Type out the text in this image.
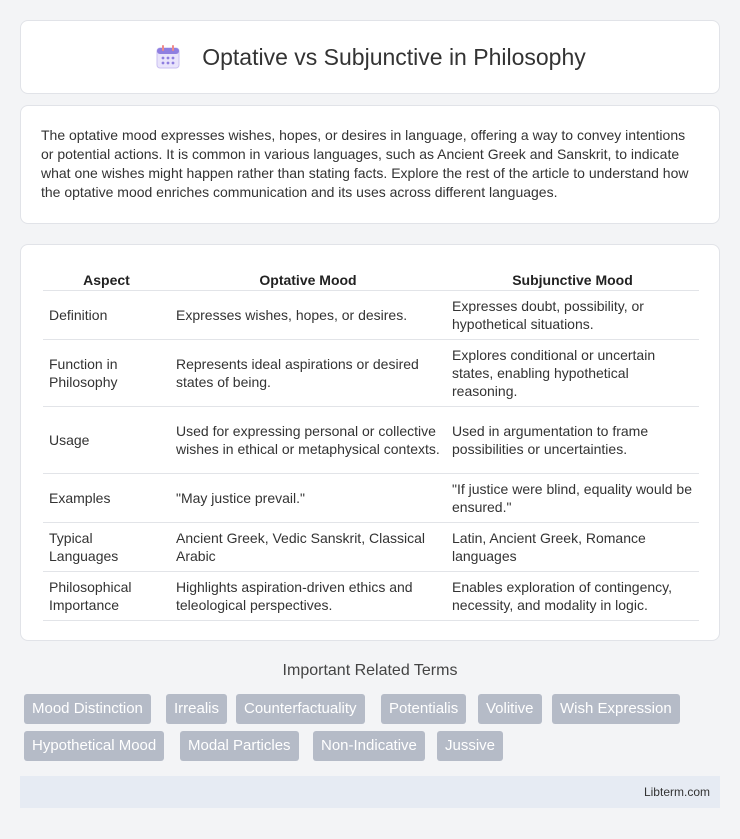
Optative vs Subjunctive in Philosophy

The optative mood expresses wishes, hopes, or desires in language, offering a way to convey intentions or potential actions. It is common in various languages, such as Ancient Greek and Sanskrit, to indicate what one wishes might happen rather than stating facts. Explore the rest of the article to understand how the optative mood enriches communication and its uses across different languages.

Aspect	Optative Mood	Subjunctive Mood
Definition	Expresses wishes, hopes, or desires.	Expresses doubt, possibility, or hypothetical situations.
Function in Philosophy	Represents ideal aspirations or desired states of being.	Explores conditional or uncertain states, enabling hypothetical reasoning.
Usage	Used for expressing personal or collective wishes in ethical or metaphysical contexts.	Used in argumentation to frame possibilities or uncertainties.
Examples	"May justice prevail."	"If justice were blind, equality would be ensured."
Typical Languages	Ancient Greek, Vedic Sanskrit, Classical Arabic	Latin, Ancient Greek, Romance languages
Philosophical Importance	Highlights aspiration-driven ethics and teleological perspectives.	Enables exploration of contingency, necessity, and modality in logic.
Important Related Terms
Mood Distinction	Irrealis	Counterfactuality	Potentialis	Volitive	Wish Expression
Hypothetical Mood	Modal Particles	Non-Indicative	Jussive
Libterm.com
